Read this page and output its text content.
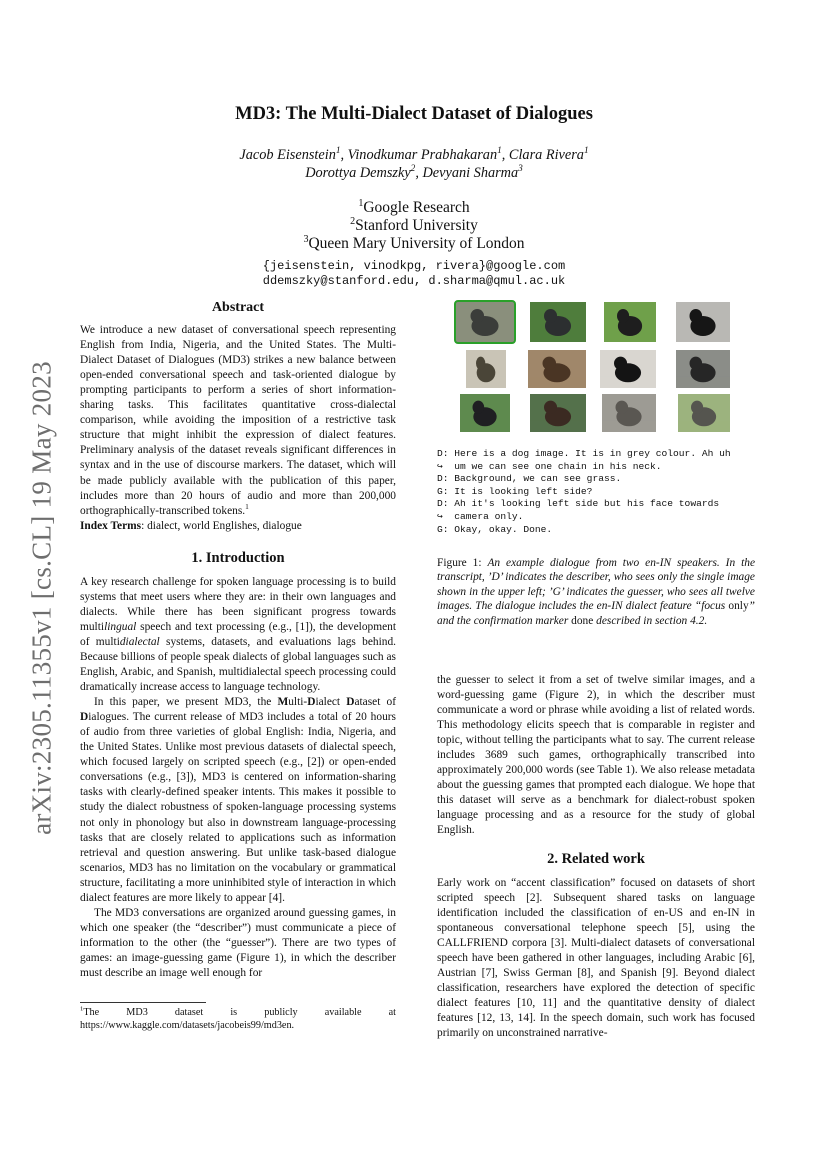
arXiv:2305.11355v1 [cs.CL] 19 May 2023
MD3: The Multi-Dialect Dataset of Dialogues
Jacob Eisenstein$^1$, Vinodkumar Prabhakaran$^1$, Clara Rivera$^1$
Dorottya Demszky$^2$, Devyani Sharma$^3$
$^1$Google Research
$^2$Stanford University
$^3$Queen Mary University of London
{jeisenstein, vinodkpg, rivera}@google.com
ddemszky@stanford.edu, d.sharma@qmul.ac.uk
Abstract

We introduce a new dataset of conversational speech representing English from India, Nigeria, and the United States. The Multi-Dialect Dataset of Dialogues (MD3) strikes a new balance between open-ended conversational speech and task-oriented dialogue by prompting participants to perform a series of short information-sharing tasks. This facilitates quantitative cross-dialectal comparison, while avoiding the imposition of a restrictive task structure that might inhibit the expression of dialect features. Preliminary analysis of the dataset reveals significant differences in syntax and in the use of discourse markers. The dataset, which will be made publicly available with the publication of this paper, includes more than 20 hours of audio and more than 200,000 orthographically-transcribed tokens.$^1$
Index Terms: dialect, world Englishes, dialogue

1. Introduction

A key research challenge for spoken language processing is to build systems that meet users where they are: in their own languages and dialects. While there has been significant progress towards multilingual speech and text processing (e.g., [1]), the development of multidialectal systems, datasets, and evaluations lags behind. Because billions of people speak dialects of global languages such as English, Arabic, and Spanish, multidialectal speech processing could dramatically increase access to language technology.

In this paper, we present MD3, the Multi-Dialect Dataset of Dialogues. The current release of MD3 includes a total of 20 hours of audio from three varieties of global English: India, Nigeria, and the United States. Unlike most previous datasets of dialectal speech, which focused largely on scripted speech (e.g., [2]) or open-ended conversations (e.g., [3]), MD3 is centered on information-sharing tasks with clearly-defined speaker intents. This makes it possible to study the dialect robustness of spoken-language processing systems not only in phonology but also in downstream language-processing tasks that are closely related to applications such as information retrieval and question answering. But unlike task-based dialogue scenarios, MD3 has no limitation on the vocabulary or grammatical structure, facilitating a more uninhibited style of interaction in which dialect features are more likely to appear [4].

The MD3 conversations are organized around guessing games, in which one speaker (the “describer”) must communicate a piece of information to the other (the “guesser”). There are two types of games: an image-guessing game (Figure 1), in which the describer must describe an image well enough for

$^1$The MD3 dataset is publicly available at https://www.kaggle.com/datasets/jacobeis99/md3en.
D: Here is a dog image. It is in grey colour. Ah uh
↪  um we can see one chain in his neck.
D: Background, we can see grass.
G: It is looking left side?
D: Ah it's looking left side but his face towards
↪  camera only.
G: Okay, okay. Done.
Figure 1: An example dialogue from two en-IN speakers. In the transcript, ’D’ indicates the describer, who sees only the single image shown in the upper left; ’G’ indicates the guesser, who sees all twelve images. The dialogue includes the en-IN dialect feature “focus only” and the confirmation marker done described in section 4.2.

the guesser to select it from a set of twelve similar images, and a word-guessing game (Figure 2), in which the describer must communicate a word or phrase while avoiding a list of related words. This methodology elicits speech that is comparable in register and topic, without telling the participants what to say. The current release includes 3689 such games, orthographically transcribed into approximately 200,000 words (see Table 1). We also release metadata about the guessing games that prompted each dialogue. We hope that this dataset will serve as a benchmark for dialect-robust spoken language processing and as a resource for the study of global English.

2. Related work

Early work on “accent classification” focused on datasets of short scripted speech [2]. Subsequent shared tasks on language identification included the classification of en-US and en-IN in spontaneous conversational telephone speech [5], using the CALLFRIEND corpora [3]. Multi-dialect datasets of conversational speech have been gathered in other languages, including Arabic [6], Austrian [7], Swiss German [8], and Spanish [9]. Beyond dialect classification, researchers have explored the detection of specific dialect features [10, 11] and the quantitative density of dialect features [12, 13, 14]. In the speech domain, such work has focused primarily on unconstrained narrative-
